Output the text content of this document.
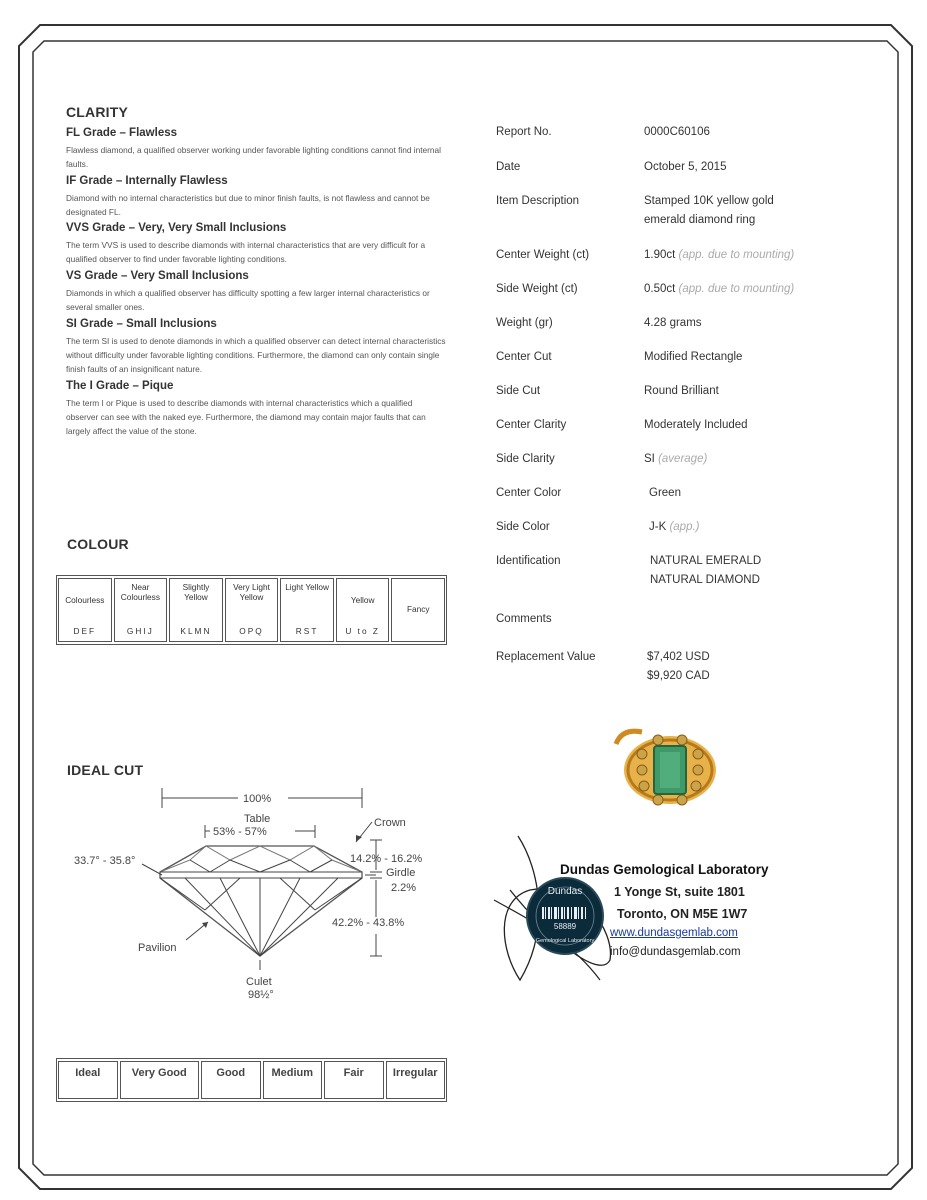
CLARITY
FL Grade – Flawless

Flawless diamond, a qualified observer working under favorable lighting conditions cannot find internal faults.

IF Grade – Internally Flawless

Diamond with no internal characteristics but due to minor finish faults, is not flawless and cannot be designated FL.

VVS Grade – Very, Very Small Inclusions

The term VVS is used to describe diamonds with internal characteristics that are very difficult for a qualified observer to find under favorable lighting conditions.

VS Grade – Very Small Inclusions

Diamonds in which a qualified observer has difficulty spotting a few larger internal characteristics or several smaller ones.

SI Grade – Small Inclusions

The term SI is used to denote diamonds in which a qualified observer can detect internal characteristics without difficulty under favorable lighting conditions. Furthermore, the diamond can only contain single finish faults of an insignificant nature.

The I Grade – Pique

The term I or Pique is used to describe diamonds with internal characteristics which a qualified observer can see with the naked eye. Furthermore, the diamond may contain major faults that can largely affect the value of the stone.

COLOUR
Colourless
DEF
Near Colourless
GHIJ
Slightly Yellow
KLMN
Very Light Yellow
OPQ
Light Yellow
RST
Yellow
U to Z
Fancy
IDEAL CUT
100%
Table
53% - 57%
Crown
33.7° - 35.8°	14.2% - 16.2%
Girdle
2.2%
42.2% - 43.8%
Pavilion
Culet
98½°
Ideal	Very Good	Good	Medium	Fair	Irregular
Report No.	0000C60106
Date	October 5, 2015
Item Description	Stamped 10K yellow gold emerald diamond ring
Center Weight (ct)	1.90ct (app. due to mounting)
Side Weight (ct)	0.50ct (app. due to mounting)
Weight (gr)	4.28 grams
Center Cut	Modified Rectangle
Side Cut	Round Brilliant
Center Clarity	Moderately Included
Side Clarity	SI (average)
Center Color	Green
Side Color	J-K (app.)
Identification	NATURAL EMERALD
NATURAL DIAMOND
Comments
Replacement Value	$7,402 USD
$9,920 CAD
Dundas
58889
Gemological Laboratory
Dundas Gemological Laboratory
1 Yonge St, suite 1801
Toronto, ON M5E 1W7
www.dundasgemlab.com
info@dundasgemlab.com
